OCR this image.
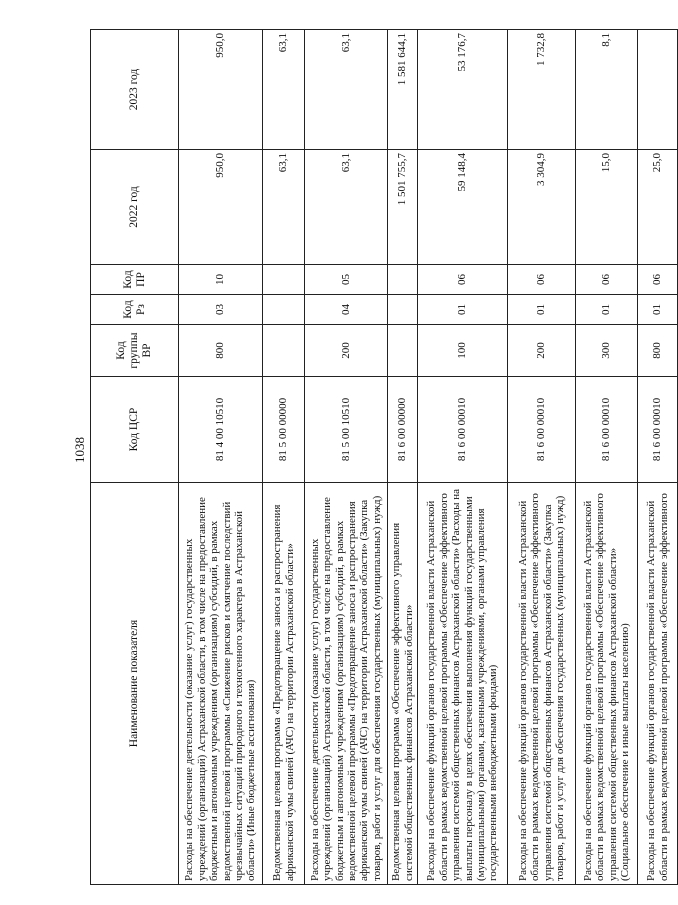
1038
Наименование показателя	Код ЦСР	Код группы ВР	Код Рз	Код ПР	2022 год	2023 год
Расходы на обеспечение деятельности (оказание услуг) государственных учреждений (организаций) Астраханской области, в том числе на предоставление бюджетным и автономным учреждениям (организациям) субсидий, в рамках ведомственной целевой программы «Снижение рисков и смягчение последствий чрезвычайных ситуаций природного и техногенного характера в Астраханской области» (Иные бюджетные ассигнования)	81 4 00 10510	800	03	10	950,0	950,0
Ведомственная целевая программа «Предотвращение заноса и распространения африканской чумы свиней (АЧС) на территории Астраханской области»	81 5 00 00000				63,1	63,1
Расходы на обеспечение деятельности (оказание услуг) государственных учреждений (организаций) Астраханской области, в том числе на предоставление бюджетным и автономным учреждениям (организациям) субсидий, в рамках ведомственной целевой программы «Предотвращение заноса и распространения африканской чумы свиней (АЧС) на территории Астраханской области» (Закупка товаров, работ и услуг для обеспечения государственных (муниципальных) нужд)	81 5 00 10510	200	04	05	63,1	63,1
Ведомственная целевая программа «Обеспечение эффективного управления системой общественных финансов Астраханской области»	81 6 00 00000				1 501 755,7	1 581 644,1
Расходы на обеспечение функций органов государственной власти Астраханской области в рамках ведомственной целевой программы «Обеспечение эффективного управления системой общественных финансов Астраханской области» (Расходы на выплаты персоналу в целях обеспечения выполнения функций государственными (муниципальными) органами, казенными учреждениями, органами управления государственными внебюджетными фондами)	81 6 00 00010	100	01	06	59 148,4	53 176,7
Расходы на обеспечение функций органов государственной власти Астраханской области в рамках ведомственной целевой программы «Обеспечение эффективного управления системой общественных финансов Астраханской области» (Закупка товаров, работ и услуг для обеспечения государственных (муниципальных) нужд)	81 6 00 00010	200	01	06	3 304,9	1 732,8
Расходы на обеспечение функций органов государственной власти Астраханской области в рамках ведомственной целевой программы «Обеспечение эффективного управления системой общественных финансов Астраханской области» (Социальное обеспечение и иные выплаты населению)	81 6 00 00010	300	01	06	15,0	8,1
Расходы на обеспечение функций органов государственной власти Астраханской области в рамках ведомственной целевой программы «Обеспечение эффективного	81 6 00 00010	800	01	06	25,0	
